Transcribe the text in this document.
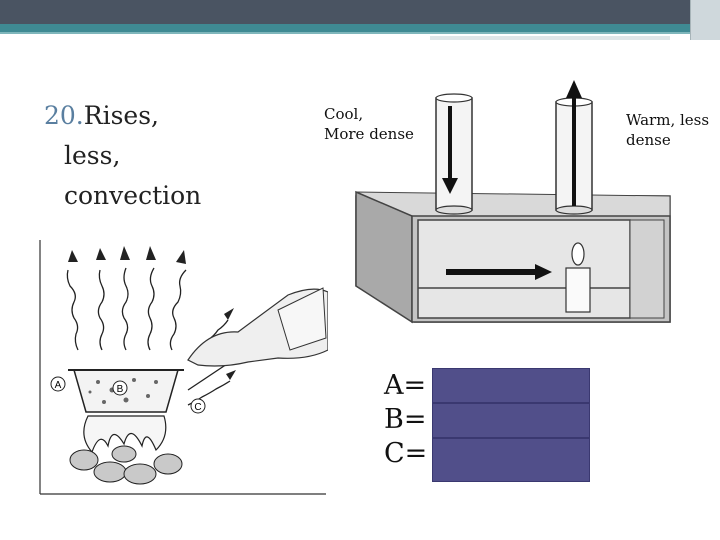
20.Rises,
less,
convection
Cool,
More dense
Warm, less
dense
A	B
C
A =
B =
C =
